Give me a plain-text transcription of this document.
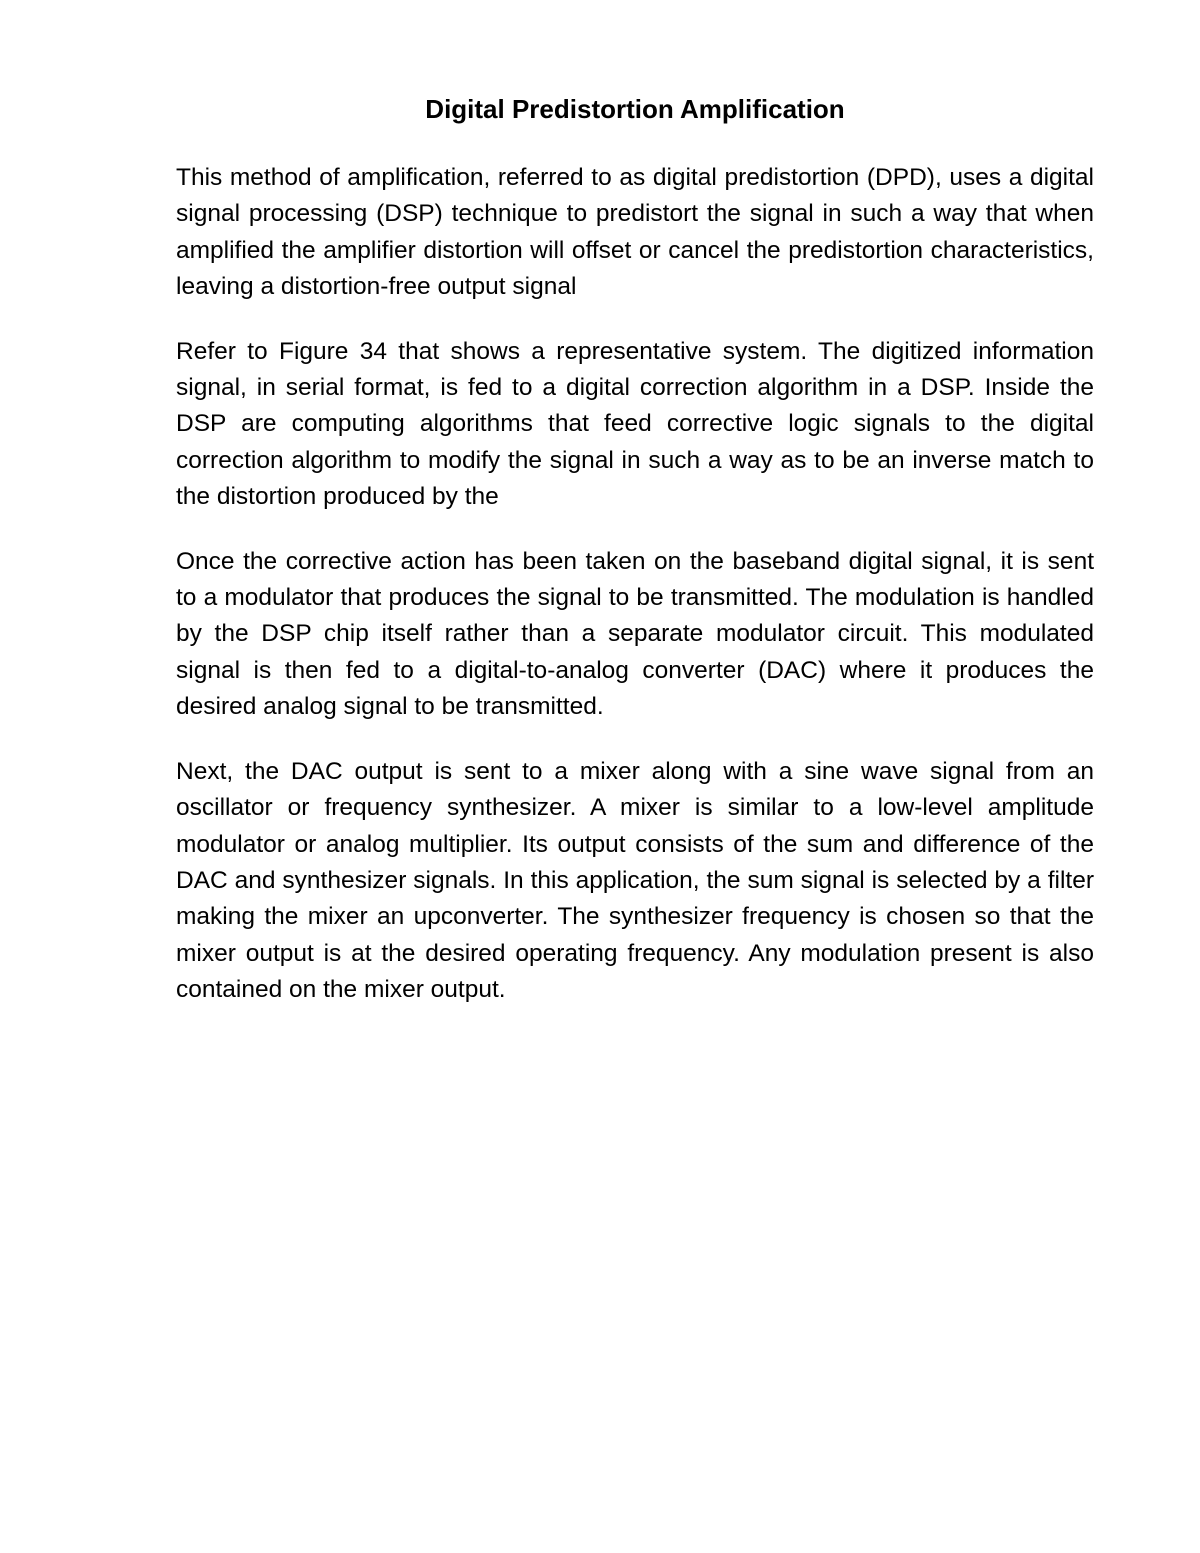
Digital Predistortion Amplification

This method of amplification, referred to as digital predistortion (DPD), uses a digital signal processing (DSP) technique to predistort the signal in such a way that when amplified the amplifier distortion will offset or cancel the predistortion characteristics, leaving a distortion-free output signal

Refer to Figure 34 that shows a representative system. The digitized information signal, in serial format, is fed to a digital correction algorithm in a DSP. Inside the DSP are computing algorithms that feed corrective logic signals to the digital correction algorithm to modify the signal in such a way as to be an inverse match to the distortion produced by the

Once the corrective action has been taken on the baseband digital signal, it is sent to a modulator that produces the signal to be transmitted. The modulation is handled by the DSP chip itself rather than a separate modulator circuit. This modulated signal is then fed to a digital-to-analog converter (DAC) where it produces the desired analog signal to be transmitted.

Next, the DAC output is sent to a mixer along with a sine wave signal from an oscillator or frequency synthesizer. A mixer is similar to a low-level amplitude modulator or analog multiplier. Its output consists of the sum and difference of the DAC and synthesizer signals. In this application, the sum signal is selected by a filter making the mixer an upconverter. The synthesizer frequency is chosen so that the mixer output is at the desired operating frequency. Any modulation present is also contained on the mixer output.
